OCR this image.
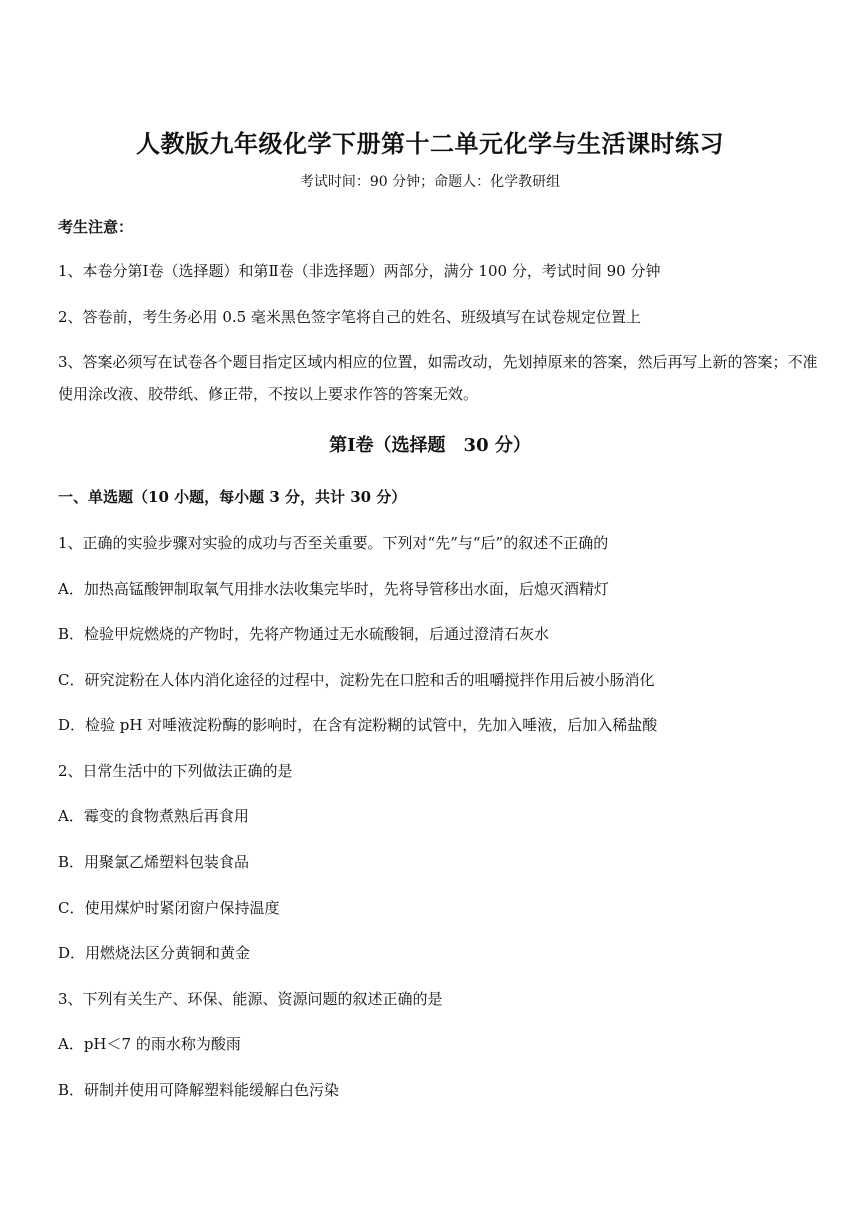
人教版九年级化学下册第十二单元化学与生活课时练习
考试时间：90 分钟；命题人：化学教研组
考生注意：
1、本卷分第Ⅰ卷（选择题）和第Ⅱ卷（非选择题）两部分，满分 100 分，考试时间 90 分钟
2、答卷前，考生务必用 0.5 毫米黑色签字笔将自己的姓名、班级填写在试卷规定位置上
3、答案必须写在试卷各个题目指定区域内相应的位置，如需改动，先划掉原来的答案，然后再写上新的答案；不准使用涂改液、胶带纸、修正带，不按以上要求作答的答案无效。
第Ⅰ卷（选择题　30 分）
一、单选题（10 小题，每小题 3 分，共计 30 分）
1、正确的实验步骤对实验的成功与否至关重要。下列对“先”与“后”的叙述不正确的
A．加热高锰酸钾制取氧气用排水法收集完毕时，先将导管移出水面，后熄灭酒精灯
B．检验甲烷燃烧的产物时，先将产物通过无水硫酸铜，后通过澄清石灰水
C．研究淀粉在人体内消化途径的过程中，淀粉先在口腔和舌的咀嚼搅拌作用后被小肠消化
D．检验 pH 对唾液淀粉酶的影响时，在含有淀粉糊的试管中，先加入唾液，后加入稀盐酸
2、日常生活中的下列做法正确的是
A．霉变的食物煮熟后再食用
B．用聚氯乙烯塑料包装食品
C．使用煤炉时紧闭窗户保持温度
D．用燃烧法区分黄铜和黄金
3、下列有关生产、环保、能源、资源问题的叙述正确的是
A．pH＜7 的雨水称为酸雨
B．研制并使用可降解塑料能缓解白色污染
